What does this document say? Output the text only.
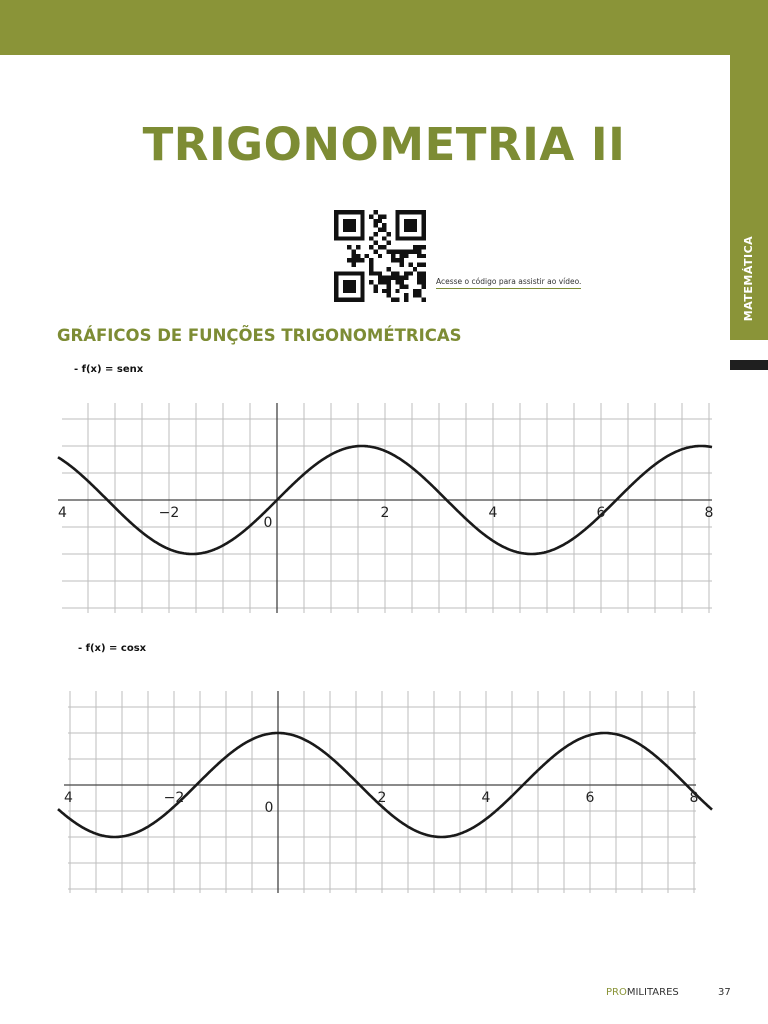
MATEMÁTICA
TRIGONOMETRIA II
Acesse o código para assistir ao vídeo.
GRÁFICOS DE FUNÇÕES TRIGONOMÉTRICAS
- f(x) = senx
4	−2
0
2	4	6	8
- f(x) = cosx
4	−2
0
2	4	6	8
PROMILITARES	37
